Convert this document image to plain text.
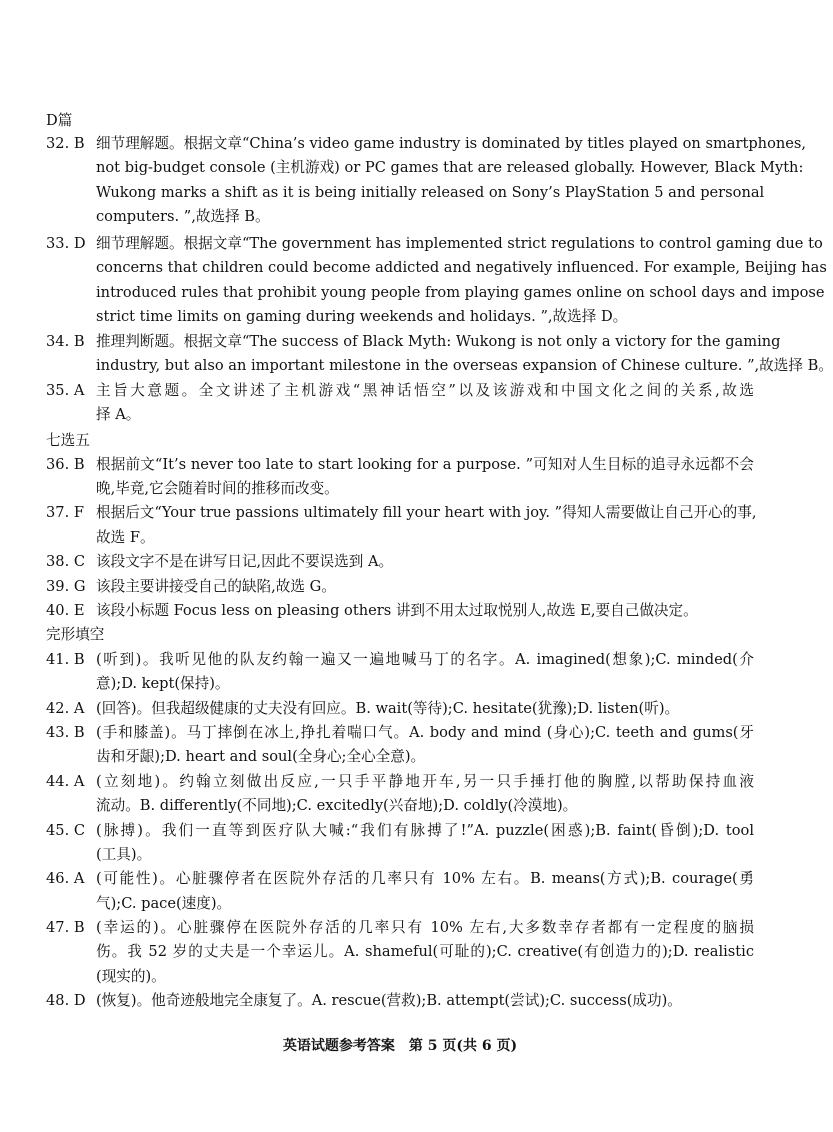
D篇
32. B 细节理解题。根据文章“China’s video game industry is dominated by titles played on smartphones,
not big-budget console (主机游戏) or PC games that are released globally. However, Black Myth:
Wukong marks a shift as it is being initially released on Sony’s PlayStation 5 and personal
computers. ”,故选择 B。
33. D 细节理解题。根据文章“The government has implemented strict regulations to control gaming due to
concerns that children could become addicted and negatively influenced. For example, Beijing has
introduced rules that prohibit young people from playing games online on school days and impose
strict time limits on gaming during weekends and holidays. ”,故选择 D。
34. B 推理判断题。根据文章“The success of Black Myth: Wukong is not only a victory for the gaming
industry, but also an important milestone in the overseas expansion of Chinese culture. ”,故选择 B。
35. A 主旨大意题。全文讲述了主机游戏“黑神话悟空”以及该游戏和中国文化之间的关系,故选
择 A。
七选五
36. B 根据前文“It’s never too late to start looking for a purpose. ”可知对人生目标的追寻永远都不会
晚,毕竟,它会随着时间的推移而改变。
37. F 根据后文“Your true passions ultimately fill your heart with joy. ”得知人需要做让自己开心的事,
故选 F。
38. C 该段文字不是在讲写日记,因此不要误选到 A。
39. G 该段主要讲接受自己的缺陷,故选 G。
40. E 该段小标题 Focus less on pleasing others 讲到不用太过取悦别人,故选 E,要自己做决定。
完形填空
41. B (听到)。我听见他的队友约翰一遍又一遍地喊马丁的名字。A. imagined(想象);C. minded(介
意);D. kept(保持)。
42. A (回答)。但我超级健康的丈夫没有回应。B. wait(等待);C. hesitate(犹豫);D. listen(听)。
43. B (手和膝盖)。马丁摔倒在冰上,挣扎着喘口气。A. body and mind (身心);C. teeth and gums(牙
齿和牙龈);D. heart and soul(全身心;全心全意)。
44. A (立刻地)。约翰立刻做出反应,一只手平静地开车,另一只手捶打他的胸膛,以帮助保持血液
流动。B. differently(不同地);C. excitedly(兴奋地);D. coldly(冷漠地)。
45. C (脉搏)。我们一直等到医疗队大喊:“我们有脉搏了!”A. puzzle(困惑);B. faint(昏倒);D. tool
(工具)。
46. A (可能性)。心脏骤停者在医院外存活的几率只有 10% 左右。B. means(方式);B. courage(勇
气);C. pace(速度)。
47. B (幸运的)。心脏骤停在医院外存活的几率只有 10% 左右,大多数幸存者都有一定程度的脑损
伤。我 52 岁的丈夫是一个幸运儿。A. shameful(可耻的);C. creative(有创造力的);D. realistic
(现实的)。
48. D (恢复)。他奇迹般地完全康复了。A. rescue(营救);B. attempt(尝试);C. success(成功)。
英语试题参考答案　第 5 页(共 6 页)
